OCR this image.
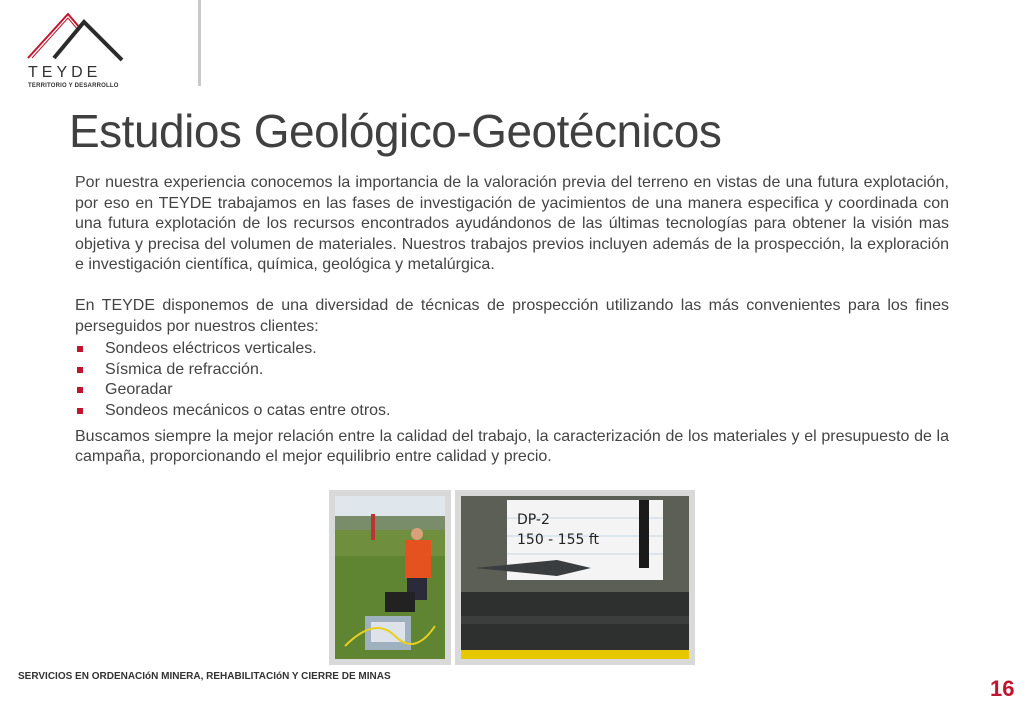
TEYDE
TERRITORIO Y DESARROLLO
Estudios Geológico-Geotécnicos

Por nuestra experiencia conocemos la importancia de la valoración previa del terreno en vistas de una futura explotación, por eso en TEYDE trabajamos en las fases de investigación de yacimientos de una manera especifica y coordinada con una futura explotación de los recursos encontrados ayudándonos de las últimas tecnologías para obtener la visión mas objetiva y precisa del volumen de materiales. Nuestros trabajos previos incluyen además de la prospección, la exploración e investigación científica, química, geológica y metalúrgica.

En TEYDE disponemos de una diversidad de técnicas de prospección utilizando las más convenientes para los fines perseguidos por nuestros clientes:

Sondeos eléctricos verticales.
Sísmica de refracción.
Georadar
Sondeos mecánicos o catas entre otros.

Buscamos siempre la mejor relación entre la calidad del trabajo, la caracterización de los materiales y el presupuesto de la campaña, proporcionando el mejor equilibrio entre calidad y precio.

DP-2
150 - 155 ft
SERVICIOS EN ORDENACIóN MINERA, REHABILITACIóN Y CIERRE DE MINAS	16
